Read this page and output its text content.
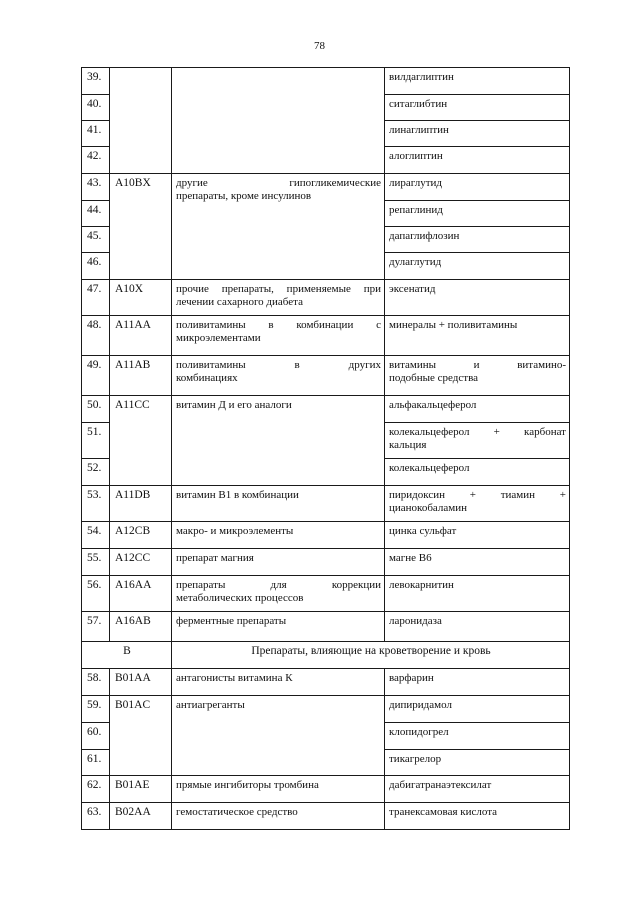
78
39.			вилдаглиптин
40.			ситаглибтин
41.			линаглиптин
42.			алоглиптин
43.	A10BX	другие гипогликемические
препараты, кроме инсулинов	лираглутид
44.			репаглинид
45.			дапаглифлозин
46.			дулаглутид
47.	A10X	прочие препараты, применяемые при
лечении сахарного диабета	эксенатид
48.	A11AA	поливитамины в комбинации с
микроэлементами	минералы + поливитамины
49.	A11AB	поливитамины в других
комбинациях	витамины и витамино-
подобные средства

50.	A11CC	витамин Д и его аналоги	альфакальцеферол
51.			колекальцеферол + карбонат
кальция

52.			колекальцеферол
53.	A11DB	витамин В1 в комбинации	пиридоксин + тиамин +
цианокобаламин

54.	A12CB	макро- и микроэлементы	цинка сульфат
55.	A12CC	препарат магния	магне В6
56.	A16AA	препараты для коррекции
метаболических процессов	левокарнитин
57.	A16AB	ферментные препараты	ларонидаза
B		Препараты, влияющие на кроветворение и кровь	
58.	B01AA	антагонисты витамина К	варфарин
59.	B01AC	антиагреганты	дипиридамол
60.			клопидогрел
61.			тикагрелор
62.	B01AE	прямые ингибиторы тромбина	дабигатранаэтексилат
63.	B02AA	гемостатическое средство	транексамовая кислота
